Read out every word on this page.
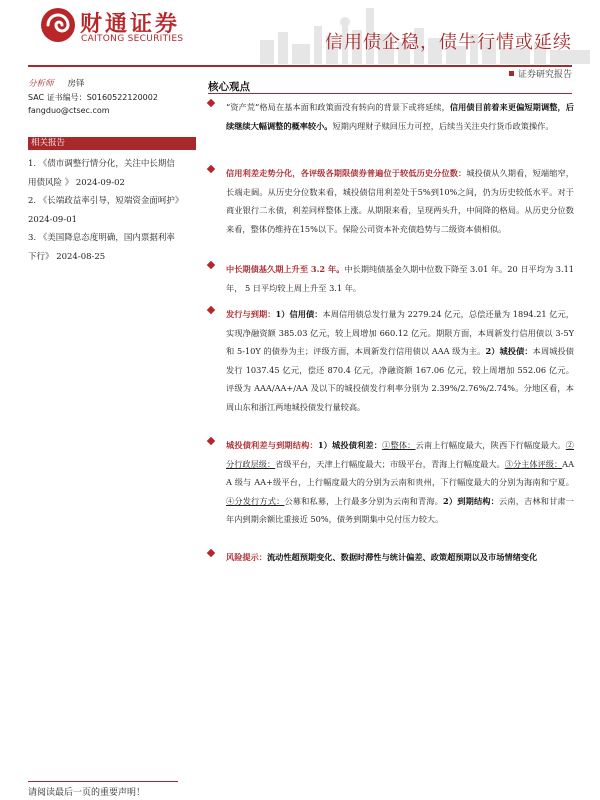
财通证券
CAITONG SECURITIES	信用债企稳，债牛行情或延续
证券研究报告
分析师 房铎
SAC 证书编号：S0160522120002
fangduo@ctsec.com
相关报告
1. 《债市调整行情分化，关注中长期信
用债风险 》 2024-09-02
2. 《长端政益率引导，短端资金面呵护》
2024-09-01
3. 《美国降息态度明确，国内票据利率
下行》 2024-08-25
核心观点
“资产荒”格局在基本面和政策面没有转向的背景下或将延续，信用债目前着来更偏短期调整，后续继续大幅调整的概率较小。短期内理财子赎回压力可控，后续当关注央行货币政策操作。
信用利差走势分化，各评级各期限债券普遍位于较低历史分位数：城投债从久期看，短端缩窄，长端走阔。从历史分位数来看，城投债信用利差处于5%到10%之间，仍为历史较低水平。对于商业银行二永债，利差同样整体上涨。从期限来看，呈现两头升，中间降的格局。从历史分位数来看，整体仍维持在15%以下。保险公司资本补充债趋势与二级资本债相似。
中长期债基久期上升至 3.2 年。中长期纯债基金久期中位数下降至 3.01 年。20 日平均为 3.11 年， 5 日平均较上周上升至 3.1 年。
发行与到期：1）信用债：本周信用债总发行量为 2279.24 亿元，总偿还量为 1894.21 亿元，实现净融资额 385.03 亿元，较上周增加 660.12 亿元。期限方面，本周新发行信用债以 3-5Y 和 5-10Y 的债券为主；评级方面，本周新发行信用债以 AAA 级为主。2）城投债：本周城投债发行 1037.45 亿元，偿还 870.4 亿元，净融资额 167.06 亿元，较上周增加 552.06 亿元。评级为 AAA/AA+/AA 及以下的城投债发行利率分别为 2.39%/2.76%/2.74%。分地区看，本周山东和浙江两地城投债发行量较高。
城投债利差与到期结构：1）城投债利差：①整体：云南上行幅度最大，陕西下行幅度最大。②分行政层级：省级平台，天津上行幅度最大；市级平台，青海上行幅度最大。③分主体评级：AAA 级与 AA+级平台，上行幅度最大的分别为云南和贵州，下行幅度最大的分别为海南和宁夏。④分发行方式：公募和私募，上行最多分别为云南和青海。2）到期结构：云南，吉林和甘肃一年内到期余额比重接近 50%，债务到期集中兑付压力较大。
风险提示：流动性超预期变化、数据时滞性与统计偏差、政策超预期以及市场情绪变化
请阅读最后一页的重要声明！
